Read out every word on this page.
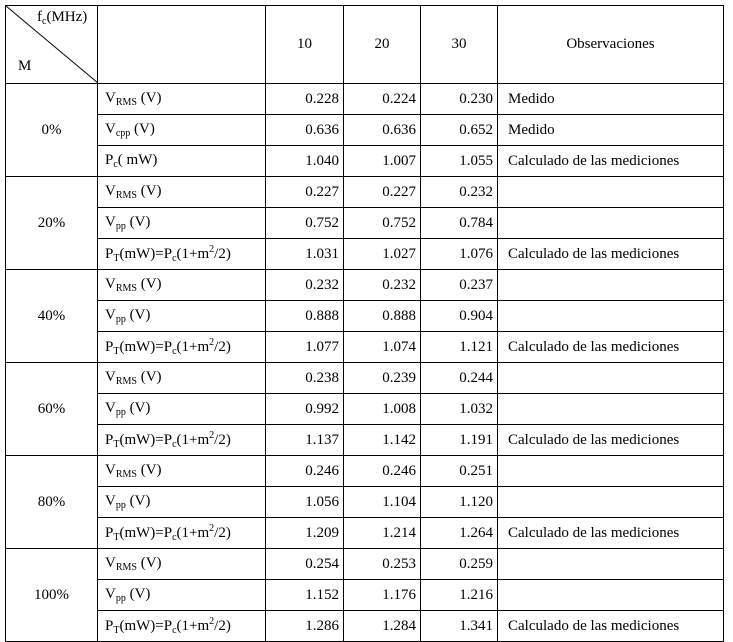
$f_c(MHz)$
M		10	20	30	Observaciones
0%	$V_{RMS}$ (V)	0.228	0.224	0.230	Medido
	$V_{cpp}$ (V)	0.636	0.636	0.652	Medido
	$P_c$( mW)	1.040	1.007	1.055	Calculado de las mediciones
20%	$V_{RMS}$ (V)	0.227	0.227	0.232	
	$V_{pp}$ (V)	0.752	0.752	0.784	
	$P_T(mW)=P_c(1+m^2/2)$	1.031	1.027	1.076	Calculado de las mediciones
40%	$V_{RMS}$ (V)	0.232	0.232	0.237	
	$V_{pp}$ (V)	0.888	0.888	0.904	
	$P_T(mW)=P_c(1+m^2/2)$	1.077	1.074	1.121	Calculado de las mediciones
60%	$V_{RMS}$ (V)	0.238	0.239	0.244	
	$V_{pp}$ (V)	0.992	1.008	1.032	
	$P_T(mW)=P_c(1+m^2/2)$	1.137	1.142	1.191	Calculado de las mediciones
80%	$V_{RMS}$ (V)	0.246	0.246	0.251	
	$V_{pp}$ (V)	1.056	1.104	1.120	
	$P_T(mW)=P_c(1+m^2/2)$	1.209	1.214	1.264	Calculado de las mediciones
100%	$V_{RMS}$ (V)	0.254	0.253	0.259	
	$V_{pp}$ (V)	1.152	1.176	1.216	
	$P_T(mW)=P_c(1+m^2/2)$	1.286	1.284	1.341	Calculado de las mediciones
